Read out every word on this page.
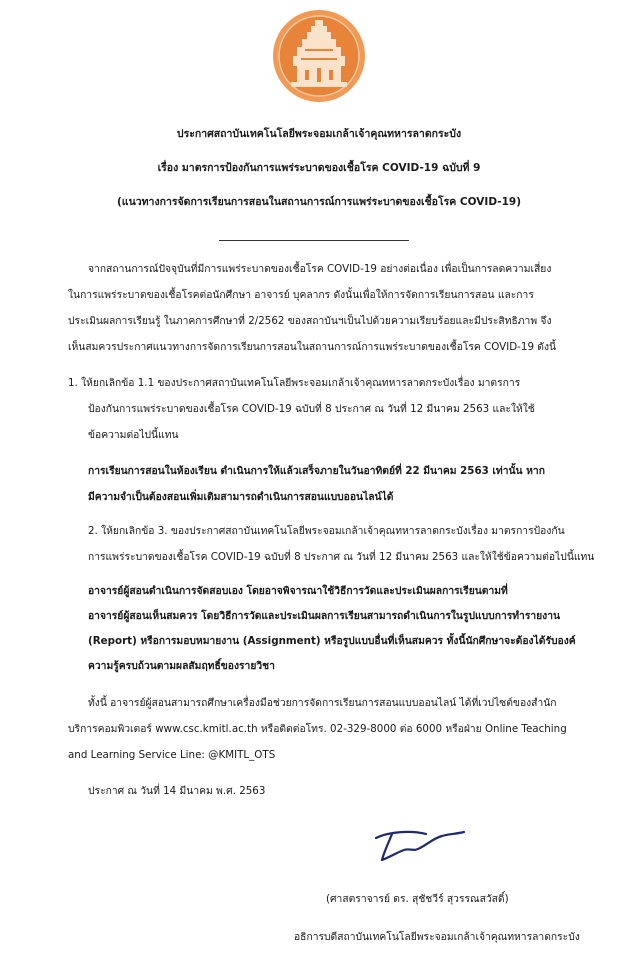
ประกาศสถาบันเทคโนโลยีพระจอมเกล้าเจ้าคุณทหารลาดกระบัง
เรื่อง มาตรการป้องกันการแพร่ระบาดของเชื้อโรค COVID-19 ฉบับที่ 9
(แนวทางการจัดการเรียนการสอนในสถานการณ์การแพร่ระบาดของเชื้อโรค COVID-19)
จากสถานการณ์ปัจจุบันที่มีการแพร่ระบาดของเชื้อโรค COVID-19 อย่างต่อเนื่อง เพื่อเป็นการลดความเสี่ยง
ในการแพร่ระบาดของเชื้อโรคต่อนักศึกษา อาจารย์ บุคลากร ดังนั้นเพื่อให้การจัดการเรียนการสอน และการ
ประเมินผลการเรียนรู้ ในภาคการศึกษาที่ 2/2562 ของสถาบันฯเป็นไปด้วยความเรียบร้อยและมีประสิทธิภาพ จึง
เห็นสมควรประกาศแนวทางการจัดการเรียนการสอนในสถานการณ์การแพร่ระบาดของเชื้อโรค COVID-19 ดังนี้
1. ให้ยกเลิกข้อ 1.1 ของประกาศสถาบันเทคโนโลยีพระจอมเกล้าเจ้าคุณทหารลาดกระบังเรื่อง มาตรการ
ป้องกันการแพร่ระบาดของเชื้อโรค COVID-19 ฉบับที่ 8 ประกาศ ณ วันที่ 12 มีนาคม 2563 และให้ใช้
ข้อความต่อไปนี้แทน
การเรียนการสอนในห้องเรียน ดำเนินการให้แล้วเสร็จภายในวันอาทิตย์ที่ 22 มีนาคม 2563 เท่านั้น หาก
มีความจำเป็นต้องสอนเพิ่มเติมสามารถดำเนินการสอนแบบออนไลน์ได้
2. ให้ยกเลิกข้อ 3. ของประกาศสถาบันเทคโนโลยีพระจอมเกล้าเจ้าคุณทหารลาดกระบังเรื่อง มาตรการป้องกัน
การแพร่ระบาดของเชื้อโรค COVID-19 ฉบับที่ 8 ประกาศ ณ วันที่ 12 มีนาคม 2563 และให้ใช้ข้อความต่อไปนี้แทน
อาจารย์ผู้สอนดำเนินการจัดสอบเอง โดยอาจพิจารณาใช้วิธีการวัดและประเมินผลการเรียนตามที่
อาจารย์ผู้สอนเห็นสมควร โดยวิธีการวัดและประเมินผลการเรียนสามารถดำเนินการในรูปแบบการทำรายงาน
(Report) หรือการมอบหมายงาน (Assignment) หรือรูปแบบอื่นที่เห็นสมควร ทั้งนี้นักศึกษาจะต้องได้รับองค์
ความรู้ครบถ้วนตามผลสัมฤทธิ์ของรายวิชา
ทั้งนี้ อาจารย์ผู้สอนสามารถศึกษาเครื่องมือช่วยการจัดการเรียนการสอนแบบออนไลน์ ได้ที่เวปไซต์ของสำนัก
บริการคอมพิวเตอร์ www.csc.kmitl.ac.th หรือติดต่อโทร. 02-329-8000 ต่อ 6000 หรือฝ่าย Online Teaching
and Learning Service Line: @KMITL_OTS
ประกาศ ณ วันที่ 14 มีนาคม พ.ศ. 2563
(ศาสตราจารย์ ดร. สุชัชวีร์ สุวรรณสวัสดิ์)
อธิการบดีสถาบันเทคโนโลยีพระจอมเกล้าเจ้าคุณทหารลาดกระบัง
